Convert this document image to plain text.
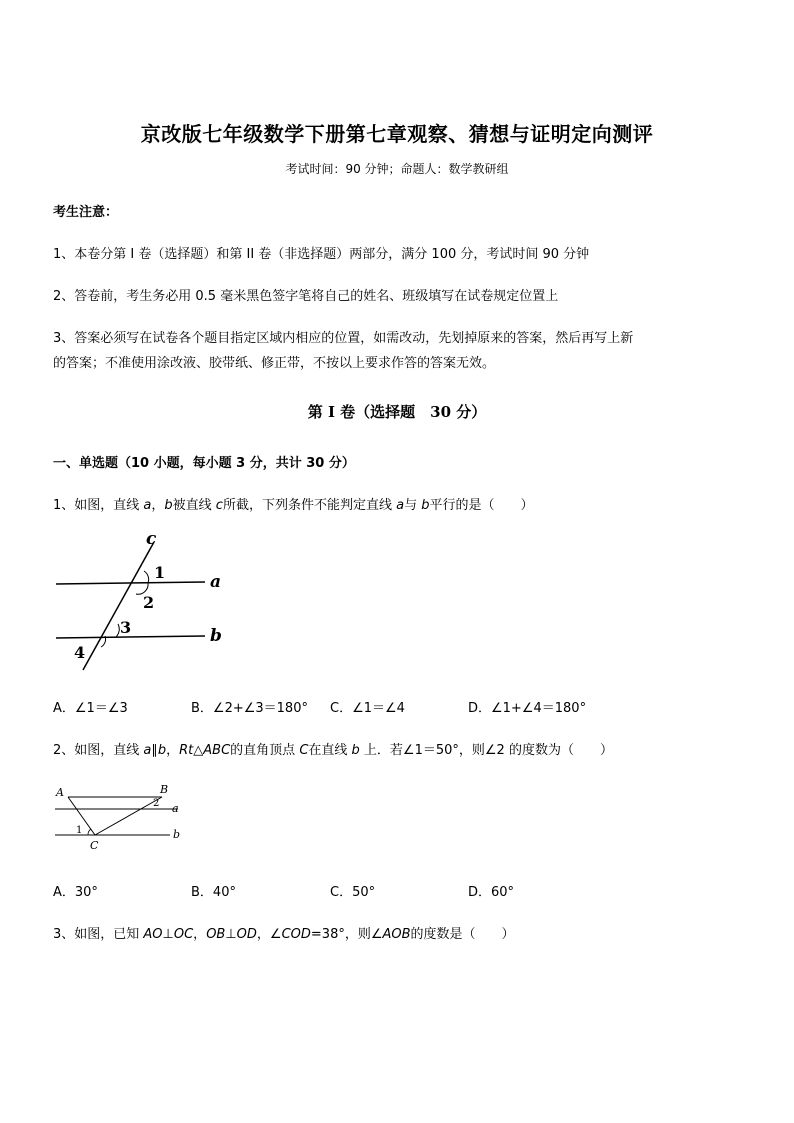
京改版七年级数学下册第七章观察、猜想与证明定向测评
考试时间：90 分钟；命题人：数学教研组
考生注意：
1、本卷分第 I 卷（选择题）和第 II 卷（非选择题）两部分，满分 100 分，考试时间 90 分钟
2、答卷前，考生务必用 0.5 毫米黑色签字笔将自己的姓名、班级填写在试卷规定位置上
3、答案必须写在试卷各个题目指定区域内相应的位置，如需改动，先划掉原来的答案，然后再写上新
的答案；不准使用涂改液、胶带纸、修正带，不按以上要求作答的答案无效。
第 I 卷（选择题　30 分）
一、单选题（10 小题，每小题 3 分，共计 30 分）
1、如图，直线 a，b被直线 c所截，下列条件不能判定直线 a与 b平行的是（　　）
c
1
2
3
4
a
b
A．∠1＝∠3	B．∠2+∠3＝180° C．∠1＝∠4	D．∠1+∠4＝180°
2、如图，直线 a∥b，Rt△ABC的直角顶点 C在直线 b 上．若∠1＝50°，则∠2 的度数为（　　）
A	B
C
a
b
1
2
A．30°	B．40°	C．50°	D．60°
3、如图，已知 AO⊥OC，OB⊥OD，∠COD=38°，则∠AOB的度数是（　　）
